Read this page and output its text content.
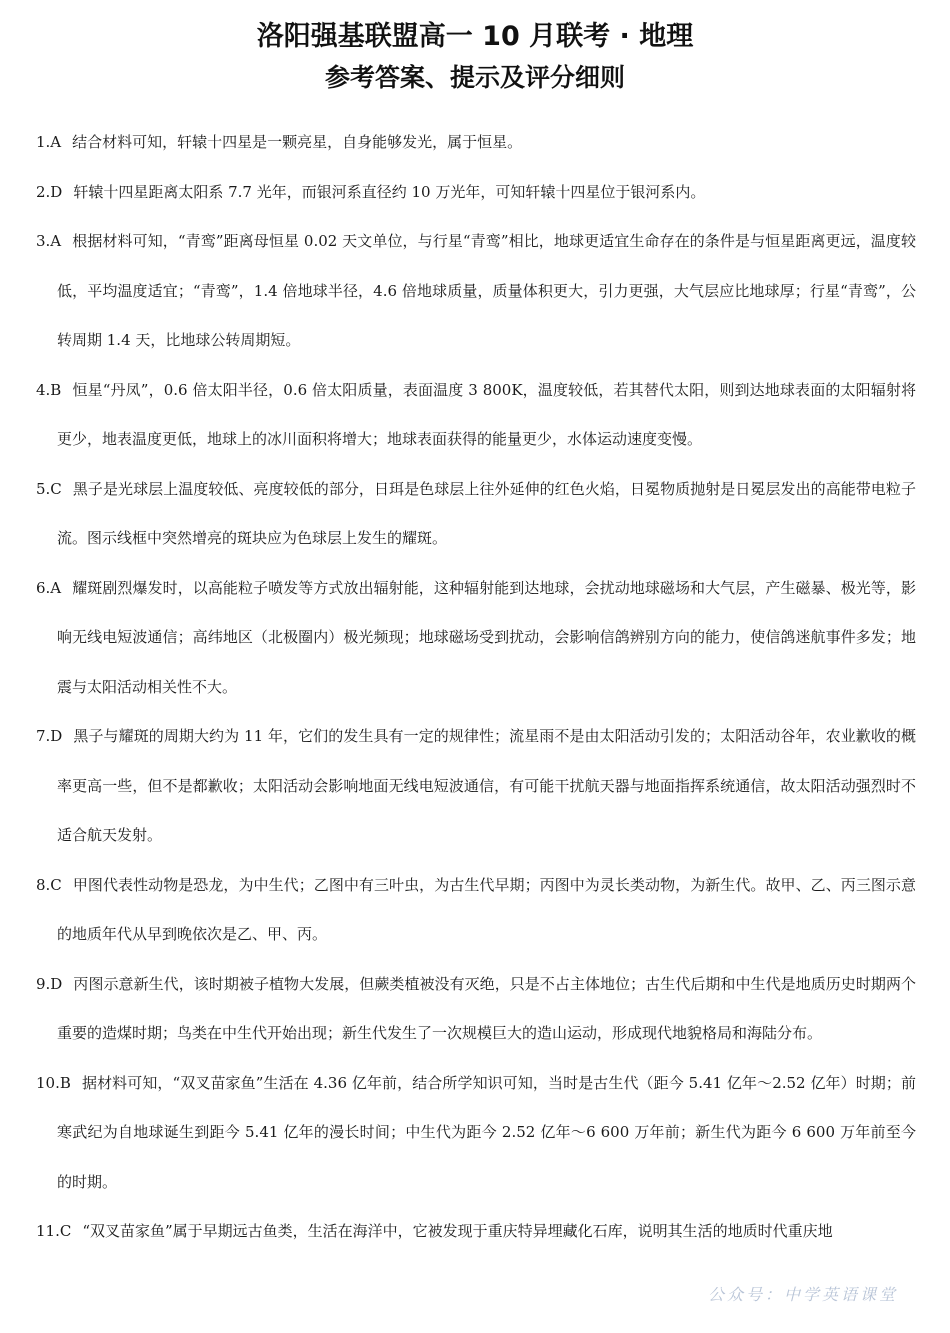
洛阳强基联盟高一 10 月联考 · 地理
参考答案、提示及评分细则

1.A 结合材料可知，轩辕十四星是一颗亮星，自身能够发光，属于恒星。

2.D 轩辕十四星距离太阳系 7.7 光年，而银河系直径约 10 万光年，可知轩辕十四星位于银河系内。

3.A 根据材料可知，“青鸾”距离母恒星 0.02 天文单位，与行星“青鸾”相比，地球更适宜生命存在的条件是与恒星距离更远，温度较低，平均温度适宜；“青鸾”，1.4 倍地球半径，4.6 倍地球质量，质量体积更大，引力更强，大气层应比地球厚；行星“青鸾”，公转周期 1.4 天，比地球公转周期短。

4.B 恒星“丹凤”，0.6 倍太阳半径，0.6 倍太阳质量，表面温度 3 800K，温度较低，若其替代太阳，则到达地球表面的太阳辐射将更少，地表温度更低，地球上的冰川面积将增大；地球表面获得的能量更少，水体运动速度变慢。

5.C 黑子是光球层上温度较低、亮度较低的部分，日珥是色球层上往外延伸的红色火焰，日冕物质抛射是日冕层发出的高能带电粒子流。图示线框中突然增亮的斑块应为色球层上发生的耀斑。

6.A 耀斑剧烈爆发时，以高能粒子喷发等方式放出辐射能，这种辐射能到达地球，会扰动地球磁场和大气层，产生磁暴、极光等，影响无线电短波通信；高纬地区（北极圈内）极光频现；地球磁场受到扰动，会影响信鸽辨别方向的能力，使信鸽迷航事件多发；地震与太阳活动相关性不大。

7.D 黑子与耀斑的周期大约为 11 年，它们的发生具有一定的规律性；流星雨不是由太阳活动引发的；太阳活动谷年，农业歉收的概率更高一些，但不是都歉收；太阳活动会影响地面无线电短波通信，有可能干扰航天器与地面指挥系统通信，故太阳活动强烈时不适合航天发射。

8.C 甲图代表性动物是恐龙，为中生代；乙图中有三叶虫，为古生代早期；丙图中为灵长类动物，为新生代。故甲、乙、丙三图示意的地质年代从早到晚依次是乙、甲、丙。

9.D 丙图示意新生代，该时期被子植物大发展，但蕨类植被没有灭绝，只是不占主体地位；古生代后期和中生代是地质历史时期两个重要的造煤时期；鸟类在中生代开始出现；新生代发生了一次规模巨大的造山运动，形成现代地貌格局和海陆分布。

10.B 据材料可知，“双叉苗家鱼”生活在 4.36 亿年前，结合所学知识可知，当时是古生代（距今 5.41 亿年～2.52 亿年）时期；前寒武纪为自地球诞生到距今 5.41 亿年的漫长时间；中生代为距今 2.52 亿年～6 600 万年前；新生代为距今 6 600 万年前至今的时期。

11.C “双叉苗家鱼”属于早期远古鱼类，生活在海洋中，它被发现于重庆特异埋藏化石库，说明其生活的地质时代重庆地

公众号：中学英语课堂
